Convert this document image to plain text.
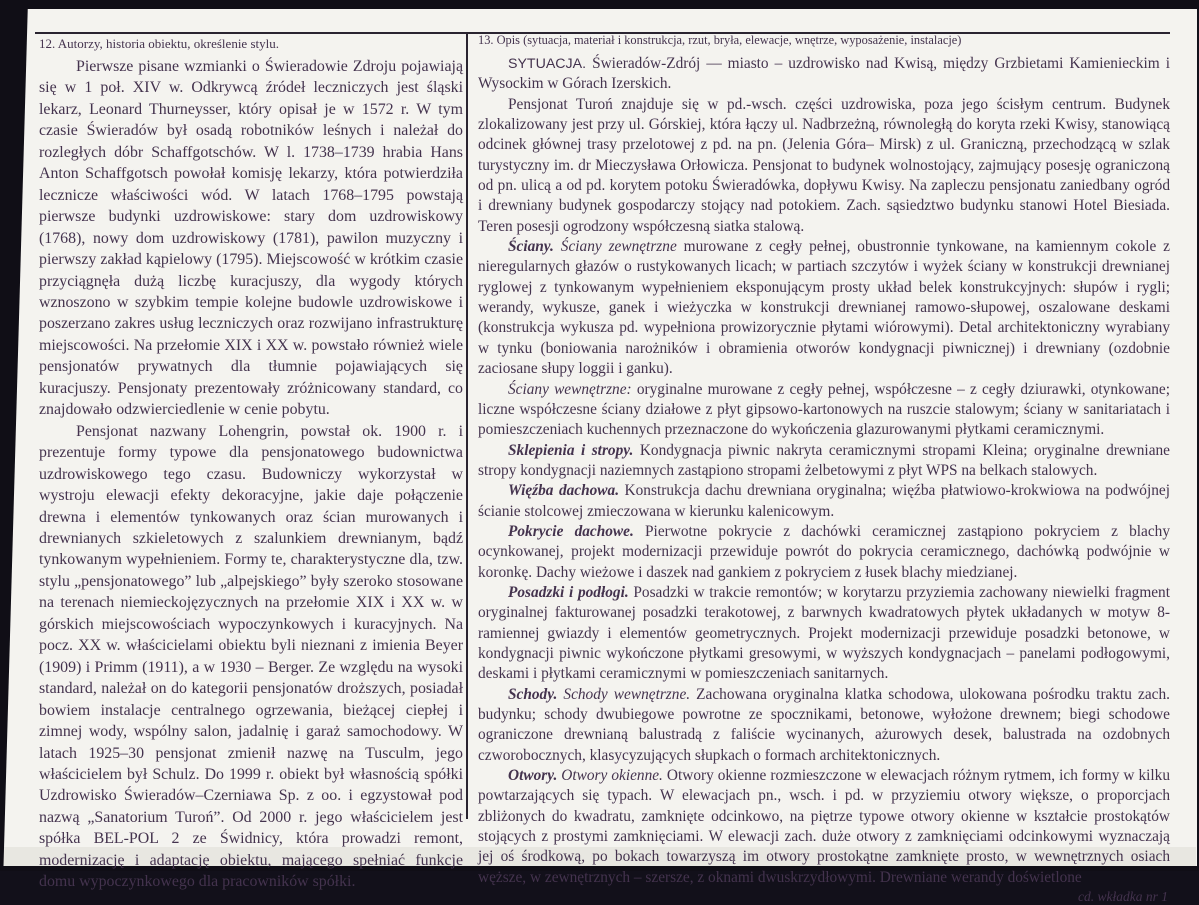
12. Autorzy, historia obiektu, określenie stylu.

Pierwsze pisane wzmianki o Świeradowie Zdroju pojawiają się w 1 poł. XIV w. Odkrywcą źródeł leczniczych jest śląski lekarz, Leonard Thurneysser, który opisał je w 1572 r. W tym czasie Świeradów był osadą robotników leśnych i należał do rozległych dóbr Schaffgotschów. W l. 1738–1739 hrabia Hans Anton Schaffgotsch powołał komisję lekarzy, która potwierdziła lecznicze właściwości wód. W latach 1768–1795 powstają pierwsze budynki uzdrowiskowe: stary dom uzdrowiskowy (1768), nowy dom uzdrowiskowy (1781), pawilon muzyczny i pierwszy zakład kąpielowy (1795). Miejscowość w krótkim czasie przyciągnęła dużą liczbę kuracjuszy, dla wygody których wznoszono w szybkim tempie kolejne budowle uzdrowiskowe i poszerzano zakres usług leczniczych oraz rozwijano infrastrukturę miejscowości. Na przełomie XIX i XX w. powstało również wiele pensjonatów prywatnych dla tłumnie pojawiających się kuracjuszy. Pensjonaty prezentowały zróżnicowany standard, co znajdowało odzwierciedlenie w cenie pobytu.

Pensjonat nazwany Lohengrin, powstał ok. 1900 r. i prezentuje formy typowe dla pensjonatowego budownictwa uzdrowiskowego tego czasu. Budowniczy wykorzystał w wystroju elewacji efekty dekoracyjne, jakie daje połączenie drewna i elementów tynkowanych oraz ścian murowanych i drewnianych szkieletowych z szalunkiem drewnianym, bądź tynkowanym wypełnieniem. Formy te, charakterystyczne dla, tzw. stylu „pensjonatowego” lub „alpejskiego” były szeroko stosowane na terenach niemieckojęzycznych na przełomie XIX i XX w. w górskich miejscowościach wypoczynkowych i kuracyjnych. Na pocz. XX w. właścicielami obiektu byli nieznani z imienia Beyer (1909) i Primm (1911), a w 1930 – Berger. Ze względu na wysoki standard, należał on do kategorii pensjonatów droższych, posiadał bowiem instalacje centralnego ogrzewania, bieżącej ciepłej i zimnej wody, wspólny salon, jadalnię i garaż samochodowy. W latach 1925–30 pensjonat zmienił nazwę na Tusculm, jego właścicielem był Schulz. Do 1999 r. obiekt był własnością spółki Uzdrowisko Świeradów–Czerniawa Sp. z oo. i egzystował pod nazwą „Sanatorium Turoń”. Od 2000 r. jego właścicielem jest spółka BEL-POL 2 ze Świdnicy, która prowadzi remont, modernizację i adaptację obiektu, mającego spełniać funkcje domu wypoczynkowego dla pracowników spółki.

13. Opis (sytuacja, materiał i konstrukcja, rzut, bryła, elewacje, wnętrze, wyposażenie, instalacje)

SYTUACJA. Świeradów-Zdrój — miasto – uzdrowisko nad Kwisą, między Grzbietami Kamienieckim i Wysockim w Górach Izerskich.

Pensjonat Turoń znajduje się w pd.-wsch. części uzdrowiska, poza jego ścisłym centrum. Budynek zlokalizowany jest przy ul. Górskiej, która łączy ul. Nadbrzeżną, równoległą do koryta rzeki Kwisy, stanowiącą odcinek głównej trasy przelotowej z pd. na pn. (Jelenia Góra– Mirsk) z ul. Graniczną, przechodzącą w szlak turystyczny im. dr Mieczysława Orłowicza. Pensjonat to budynek wolnostojący, zajmujący posesję ograniczoną od pn. ulicą a od pd. korytem potoku Świeradówka, dopływu Kwisy. Na zapleczu pensjonatu zaniedbany ogród i drewniany budynek gospodarczy stojący nad potokiem. Zach. sąsiedztwo budynku stanowi Hotel Biesiada. Teren posesji ogrodzony współczesną siatka stalową.

Ściany. Ściany zewnętrzne murowane z cegły pełnej, obustronnie tynkowane, na kamiennym cokole z nieregularnych głazów o rustykowanych licach; w partiach szczytów i wyżek ściany w konstrukcji drewnianej ryglowej z tynkowanym wypełnieniem eksponującym prosty układ belek konstrukcyjnych: słupów i rygli; werandy, wykusze, ganek i wieżyczka w konstrukcji drewnianej ramowo-słupowej, oszalowane deskami (konstrukcja wykusza pd. wypełniona prowizorycznie płytami wiórowymi). Detal architektoniczny wyrabiany w tynku (boniowania narożników i obramienia otworów kondygnacji piwnicznej) i drewniany (ozdobnie zaciosane słupy loggii i ganku).

Ściany wewnętrzne: oryginalne murowane z cegły pełnej, współczesne – z cegły dziurawki, otynkowane; liczne współczesne ściany działowe z płyt gipsowo-kartonowych na ruszcie stalowym; ściany w sanitariatach i pomieszczeniach kuchennych przeznaczone do wykończenia glazurowanymi płytkami ceramicznymi.

Sklepienia i stropy. Kondygnacja piwnic nakryta ceramicznymi stropami Kleina; oryginalne drewniane stropy kondygnacji naziemnych zastąpiono stropami żelbetowymi z płyt WPS na belkach stalowych.

Więźba dachowa. Konstrukcja dachu drewniana oryginalna; więźba płatwiowo-krokwiowa na podwójnej ścianie stolcowej zmieczowana w kierunku kalenicowym.

Pokrycie dachowe. Pierwotne pokrycie z dachówki ceramicznej zastąpiono pokryciem z blachy ocynkowanej, projekt modernizacji przewiduje powrót do pokrycia ceramicznego, dachówką podwójnie w koronkę. Dachy wieżowe i daszek nad gankiem z pokryciem z łusek blachy miedzianej.

Posadzki i podłogi. Posadzki w trakcie remontów; w korytarzu przyziemia zachowany niewielki fragment oryginalnej fakturowanej posadzki terakotowej, z barwnych kwadratowych płytek układanych w motyw 8-ramiennej gwiazdy i elementów geometrycznych. Projekt modernizacji przewiduje posadzki betonowe, w kondygnacji piwnic wykończone płytkami gresowymi, w wyższych kondygnacjach – panelami podłogowymi, deskami i płytkami ceramicznymi w pomieszczeniach sanitarnych.

Schody. Schody wewnętrzne. Zachowana oryginalna klatka schodowa, ulokowana pośrodku traktu zach. budynku; schody dwubiegowe powrotne ze spocznikami, betonowe, wyłożone drewnem; biegi schodowe ograniczone drewnianą balustradą z faliście wycinanych, ażurowych desek, balustrada na ozdobnych czworobocznych, klasycyzujących słupkach o formach architektonicznych.

Otwory. Otwory okienne. Otwory okienne rozmieszczone w elewacjach różnym rytmem, ich formy w kilku powtarzających się typach. W elewacjach pn., wsch. i pd. w przyziemiu otwory większe, o proporcjach zbliżonych do kwadratu, zamknięte odcinkowo, na piętrze typowe otwory okienne w kształcie prostokątów stojących z prostymi zamknięciami. W elewacji zach. duże otwory z zamknięciami odcinkowymi wyznaczają jej oś środkową, po bokach towarzyszą im otwory prostokątne zamknięte prosto, w wewnętrznych osiach węższe, w zewnętrznych – szersze, z oknami dwuskrzydłowymi. Drewniane werandy doświetlone

cd. wkładka nr 1
